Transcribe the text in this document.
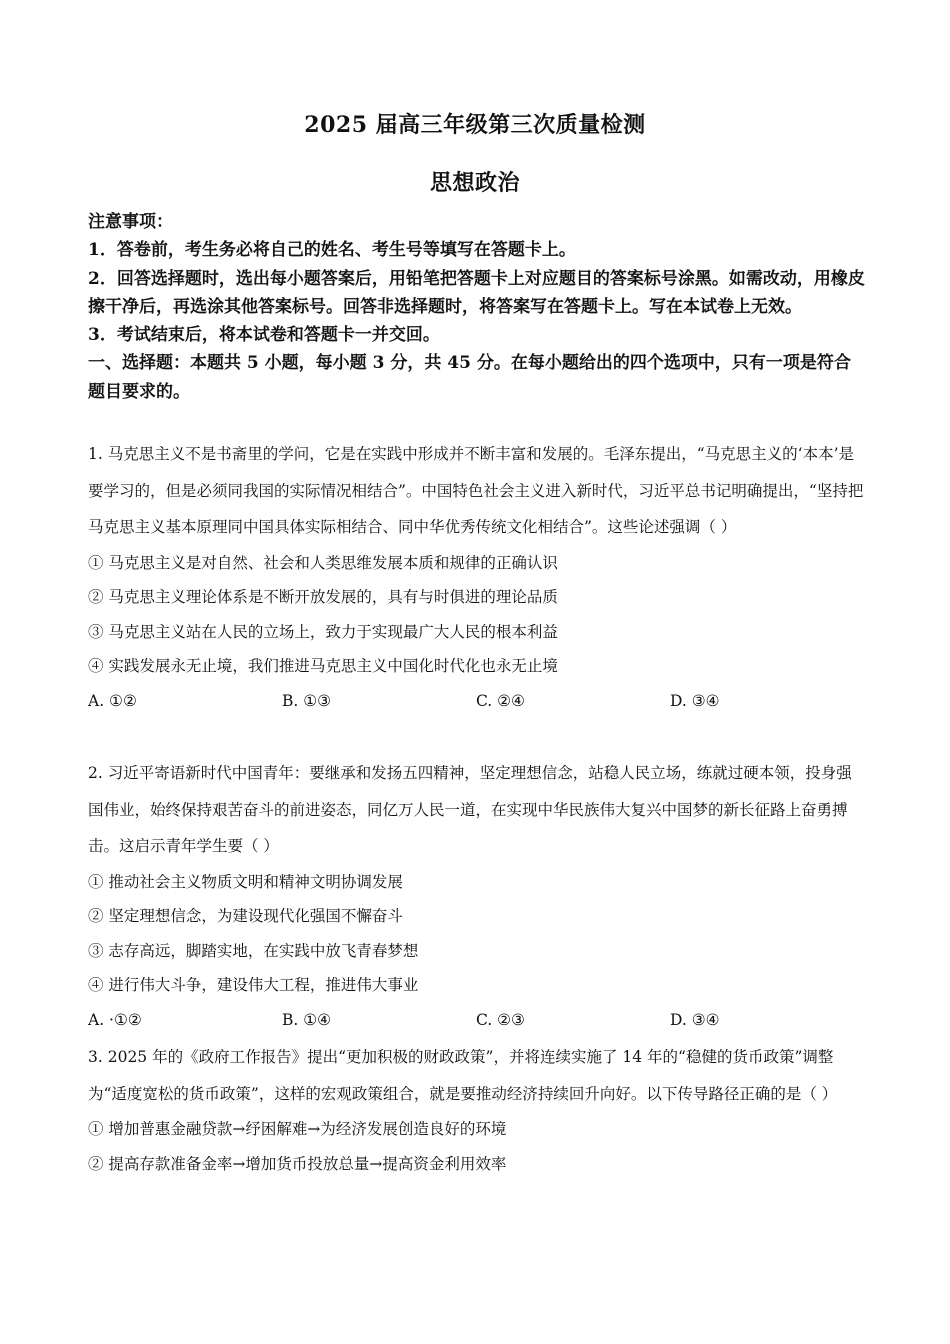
2025 届高三年级第三次质量检测
思想政治

注意事项：

1．答卷前，考生务必将自己的姓名、考生号等填写在答题卡上。

2．回答选择题时，选出每小题答案后，用铅笔把答题卡上对应题目的答案标号涂黑。如需改动，用橡皮擦干净后，再选涂其他答案标号。回答非选择题时，将答案写在答题卡上。写在本试卷上无效。

3．考试结束后，将本试卷和答题卡一并交回。

一、选择题：本题共 5 小题，每小题 3 分，共 45 分。在每小题给出的四个选项中，只有一项是符合题目要求的。

1. 马克思主义不是书斋里的学问，它是在实践中形成并不断丰富和发展的。毛泽东提出，“马克思主义的‘本本’是要学习的，但是必须同我国的实际情况相结合”。中国特色社会主义进入新时代，习近平总书记明确提出，“坚持把马克思主义基本原理同中国具体实际相结合、同中华优秀传统文化相结合”。这些论述强调（ ）

① 马克思主义是对自然、社会和人类思维发展本质和规律的正确认识

② 马克思主义理论体系是不断开放发展的，具有与时俱进的理论品质

③ 马克思主义站在人民的立场上，致力于实现最广大人民的根本利益

④ 实践发展永无止境，我们推进马克思主义中国化时代化也永无止境

A. ①②	B. ①③	C. ②④	D. ③④

2. 习近平寄语新时代中国青年：要继承和发扬五四精神，坚定理想信念，站稳人民立场，练就过硬本领，投身强国伟业，始终保持艰苦奋斗的前进姿态，同亿万人民一道，在实现中华民族伟大复兴中国梦的新长征路上奋勇搏击。这启示青年学生要（ ）

① 推动社会主义物质文明和精神文明协调发展

② 坚定理想信念，为建设现代化强国不懈奋斗

③ 志存高远，脚踏实地，在实践中放飞青春梦想

④ 进行伟大斗争，建设伟大工程，推进伟大事业

A. ·①②	B. ①④	C. ②③	D. ③④

3. 2025 年的《政府工作报告》提出“更加积极的财政政策”，并将连续实施了 14 年的“稳健的货币政策”调整为“适度宽松的货币政策”，这样的宏观政策组合，就是要推动经济持续回升向好。以下传导路径正确的是（ ）

① 增加普惠金融贷款→纾困解难→为经济发展创造良好的环境

② 提高存款准备金率→增加货币投放总量→提高资金利用效率
